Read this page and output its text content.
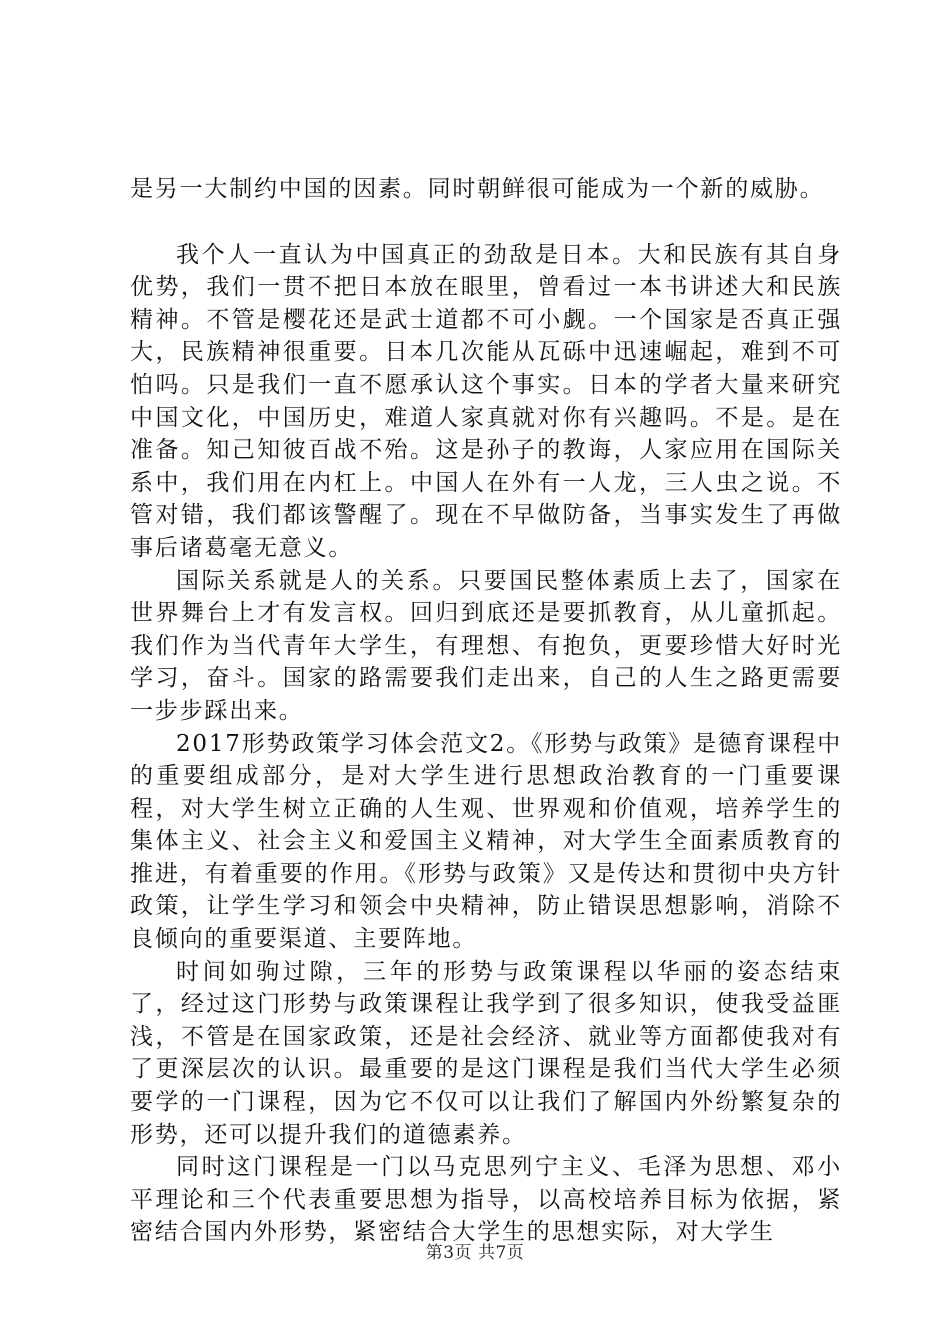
是另一大制约中国的因素。同时朝鲜很可能成为一个新的威胁。

我个人一直认为中国真正的劲敌是日本。大和民族有其自身优势，我们一贯不把日本放在眼里，曾看过一本书讲述大和民族精神。不管是樱花还是武士道都不可小觑。一个国家是否真正强大，民族精神很重要。日本几次能从瓦砾中迅速崛起，难到不可怕吗。只是我们一直不愿承认这个事实。日本的学者大量来研究中国文化，中国历史，难道人家真就对你有兴趣吗。不是。是在准备。知己知彼百战不殆。这是孙子的教诲，人家应用在国际关系中，我们用在内杠上。中国人在外有一人龙，三人虫之说。不管对错，我们都该警醒了。现在不早做防备，当事实发生了再做事后诸葛毫无意义。

国际关系就是人的关系。只要国民整体素质上去了，国家在世界舞台上才有发言权。回归到底还是要抓教育，从儿童抓起。我们作为当代青年大学生，有理想、有抱负，更要珍惜大好时光学习，奋斗。国家的路需要我们走出来，自己的人生之路更需要一步步踩出来。

2017形势政策学习体会范文2。《形势与政策》是德育课程中的重要组成部分，是对大学生进行思想政治教育的一门重要课程，对大学生树立正确的人生观、世界观和价值观，培养学生的集体主义、社会主义和爱国主义精神，对大学生全面素质教育的推进，有着重要的作用。《形势与政策》又是传达和贯彻中央方针政策，让学生学习和领会中央精神，防止错误思想影响，消除不良倾向的重要渠道、主要阵地。

时间如驹过隙，三年的形势与政策课程以华丽的姿态结束了，经过这门形势与政策课程让我学到了很多知识，使我受益匪浅，不管是在国家政策，还是社会经济、就业等方面都使我对有了更深层次的认识。最重要的是这门课程是我们当代大学生必须要学的一门课程，因为它不仅可以让我们了解国内外纷繁复杂的形势，还可以提升我们的道德素养。

同时这门课程是一门以马克思列宁主义、毛泽为思想、邓小平理论和三个代表重要思想为指导，以高校培养目标为依据，紧密结合国内外形势，紧密结合大学生的思想实际，对大学生

第3页 共7页
